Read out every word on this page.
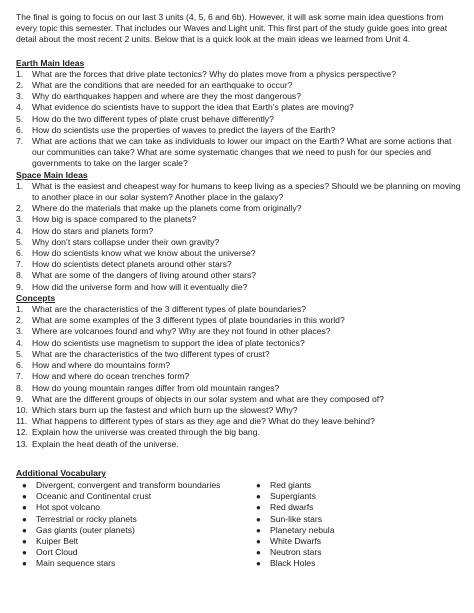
The final is going to focus on our last 3 units (4, 5, 6 and 6b). However, it will ask some main idea questions from every topic this semester. That includes our Waves and Light unit. This first part of the study guide goes into great detail about the most recent 2 units. Below that is a quick look at the main ideas we learned from Unit 4.

Earth Main Ideas

1.	What are the forces that drive plate tectonics? Why do plates move from a physics perspective?
2.	What are the conditions that are needed for an earthquake to occur?
3.	Why do earthquakes happen and where are they the most dangerous?
4.	What evidence do scientists have to support the idea that Earth’s plates are moving?
5.	How do the two different types of plate crust behave differently?
6.	How do scientists use the properties of waves to predict the layers of the Earth?
7.	What are actions that we can take as individuals to lower our impact on the Earth? What are some actions that our communities can take? What are some systematic changes that we need to push for our species and governments to take on the larger scale?

Space Main Ideas

1.	What is the easiest and cheapest way for humans to keep living as a species? Should we be planning on moving to another place in our solar system? Another place in the galaxy?
2.	Where do the materials that make up the planets come from originally?
3.	How big is space compared to the planets?
4.	How do stars and planets form?
5.	Why don’t stars collapse under their own gravity?
6.	How do scientists know what we know about the universe?
7.	How do scientists detect planets around other stars?
8.	What are some of the dangers of living around other stars?
9.	How did the universe form and how will it eventually die?

Concepts

1.	What are the characteristics of the 3 different types of plate boundaries?
2.	What are some examples of the 3 different types of plate boundaries in this world?
3.	Where are volcanoes found and why? Why are they not found in other places?
4.	How do scientists use magnetism to support the idea of plate tectonics?
5.	What are the characteristics of the two different types of crust?
6.	How and where do mountains form?
7.	How and where do ocean trenches form?
8.	How do young mountain ranges differ from old mountain ranges?
9.	What are the different groups of objects in our solar system and what are they composed of?
10. Which stars burn up the fastest and which burn up the slowest? Why?
11. What happens to different types of stars as they age and die? What do they leave behind?
12. Explain how the universe was created through the big bang.
13. Explain the heat death of the universe.

Additional Vocabulary

● Divergent, convergent and transform boundaries
● Oceanic and Continental crust
● Hot spot volcano
● Terrestrial or rocky planets
● Gas giants (outer planets)
● Kuiper Belt
● Oort Cloud
● Main sequence stars
● Red giants
● Supergiants
● Red dwarfs
● Sun-like stars
● Planetary nebula
● White Dwarfs
● Neutron stars
● Black Holes
